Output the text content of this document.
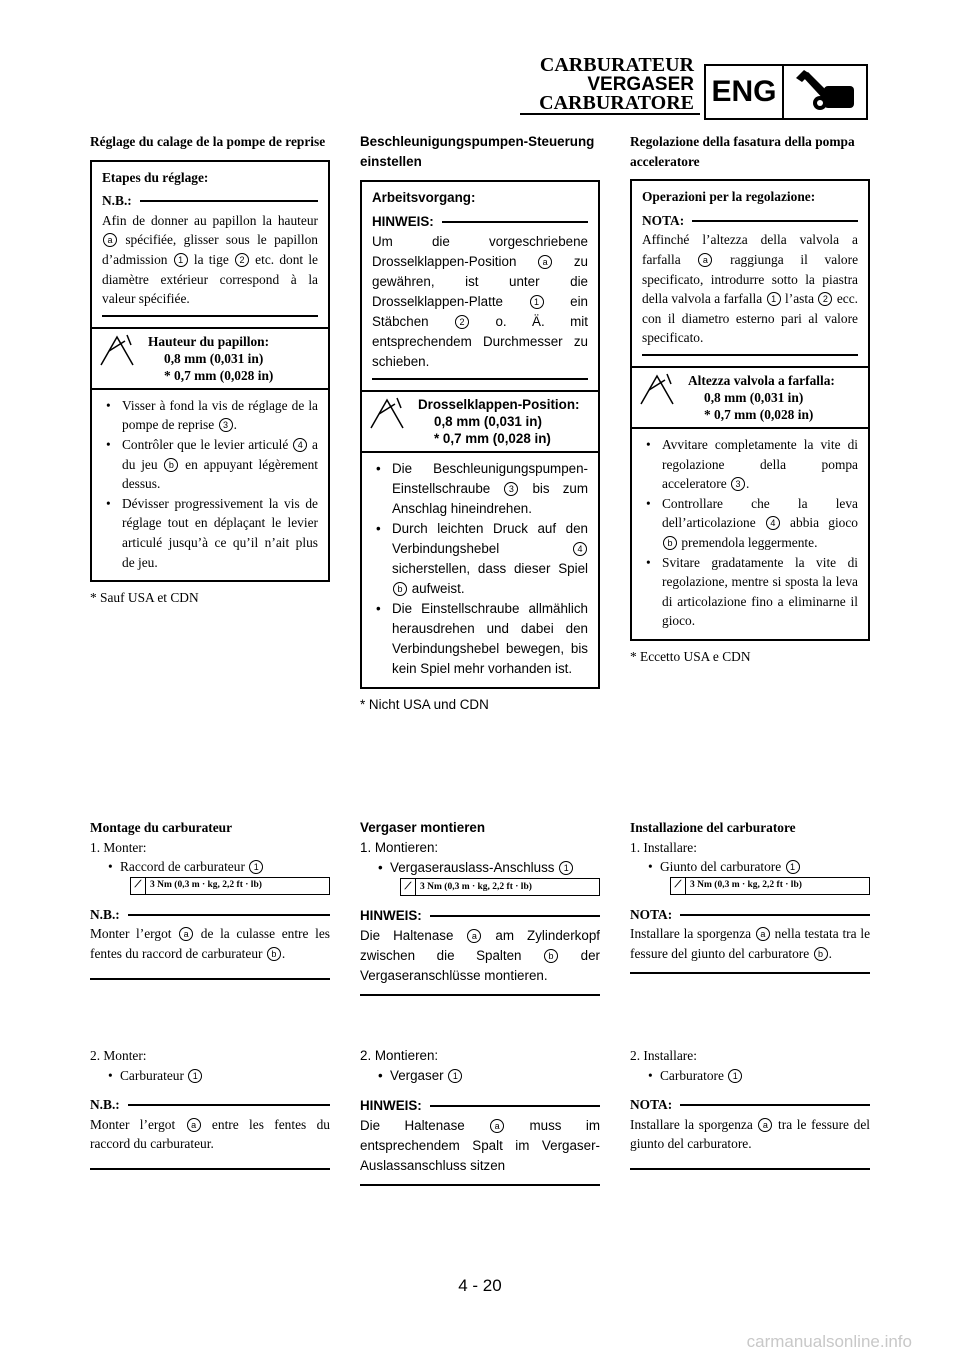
CARBURATEUR
VERGASER
CARBURATORE ENG

Réglage du calage de la pompe de reprise

Etapes du réglage:
N.B.:
Afin de donner au papillon la hauteur a spécifiée, glisser sous le papillon d’admission 1 la tige 2 etc. dont le diamètre extérieur correspond à la valeur spécifiée.
Hauteur du papillon:
0,8 mm (0,031 in)
* 0,7 mm (0,028 in)
• Visser à fond la vis de réglage de la pompe de reprise 3 .
• Contrôler que le levier articulé 4 a du jeu b en appuyant légèrement dessus.
• Dévisser progressivement la vis de réglage tout en déplaçant le levier articulé jusqu’à ce qu’il n’ait plus de jeu.
* Sauf USA et CDN

Montage du carburateur

1. Monter:
• Raccord de carburateur 1
⟋ 3 Nm (0,3 m · kg, 2,2 ft · lb)
N.B.:
Monter l’ergot a de la culasse entre les fentes du raccord de carburateur b .
2. Monter:
• Carburateur 1
N.B.:
Monter l’ergot a entre les fentes du raccord du carburateur.

Beschleunigungspumpen-Steuerung einstellen

Arbeitsvorgang:
HINWEIS:
Um die vorgeschriebene Drosselklappen-Position a zu gewähren, ist unter die Drosselklappen-Platte 1 ein Stäbchen 2 o. Ä. mit entsprechendem Durchmesser zu schieben.
Drosselklappen-Position:
0,8 mm (0,031 in)
* 0,7 mm (0,028 in)
• Die Beschleunigungspumpen-Einstellschraube 3 bis zum Anschlag hineindrehen.
• Durch leichten Druck auf den Verbindungshebel 4 sicherstellen, dass dieser Spiel b aufweist.
• Die Einstellschraube allmählich herausdrehen und dabei den Verbindungshebel bewegen, bis kein Spiel mehr vorhanden ist.
* Nicht USA und CDN

Vergaser montieren

1. Montieren:
• Vergaserauslass-Anschluss 1
⟋ 3 Nm (0,3 m · kg, 2,2 ft · lb)
HINWEIS:
Die Haltenase a am Zylinderkopf zwischen die Spalten b der Vergaseranschlüsse montieren.
2. Montieren:
• Vergaser 1
HINWEIS:
Die Haltenase a muss im entsprechendem Spalt im Vergaser-Auslassanschluss sitzen

Regolazione della fasatura della pompa acceleratore

Operazioni per la regolazione:
NOTA:
Affinché l’altezza della valvola a farfalla a raggiunga il valore specificato, introdurre sotto la piastra della valvola a farfalla 1 l’asta 2 ecc. con il diametro esterno pari al valore specificato.
Altezza valvola a farfalla:
0,8 mm (0,031 in)
* 0,7 mm (0,028 in)
• Avvitare completamente la vite di regolazione della pompa acceleratore 3 .
• Controllare che la leva dell’articolazione 4 abbia gioco b premendola leggermente.
• Svitare gradatamente la vite di regolazione, mentre si sposta la leva di articolazione fino a eliminarne il gioco.
* Eccetto USA e CDN

Installazione del carburatore

1. Installare:
• Giunto del carburatore 1
⟋ 3 Nm (0,3 m · kg, 2,2 ft · lb)
NOTA:
Installare la sporgenza a nella testata tra le fessure del giunto del carburatore b .
2. Installare:
• Carburatore 1
NOTA:
Installare la sporgenza a tra le fessure del giunto del carburatore.
4 - 20
carmanualsonline.info
